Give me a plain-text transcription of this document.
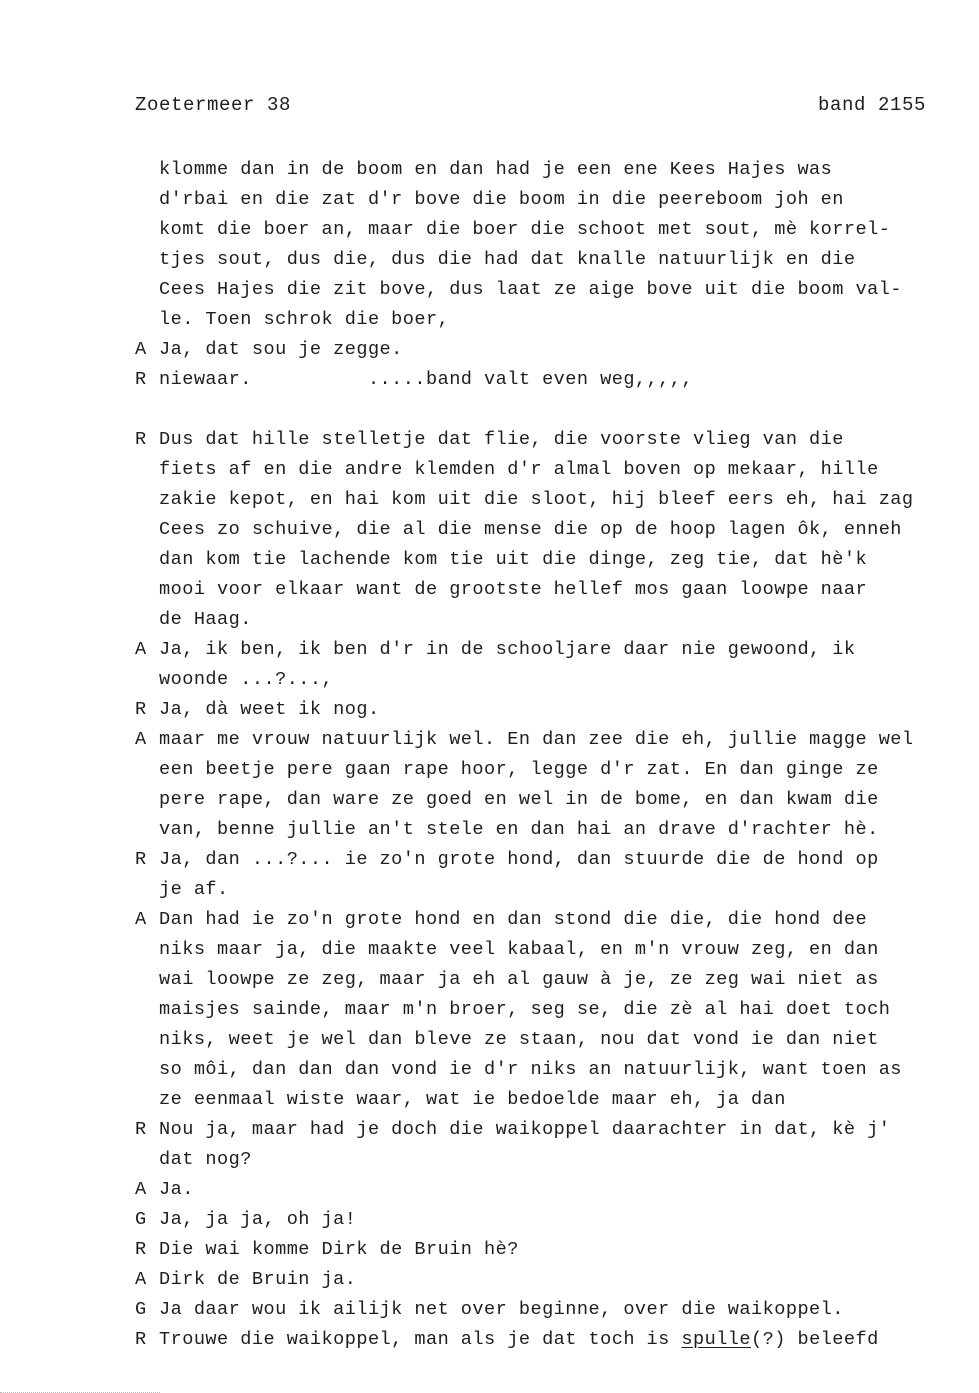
Zoetermeer 38	band 2155
klomme dan in de boom en dan had je een ene Kees Hajes was
d'rbai en die zat d'r bove die boom in die peereboom joh en
komt die boer an, maar die boer die schoot met sout, mè korrel-
tjes sout, dus die, dus die had dat knalle natuurlijk en die
Cees Hajes die zit bove, dus laat ze aige bove uit die boom val-
le. Toen schrok die boer,
A Ja, dat sou je zegge.
R niewaar.          .....band valt even weg,,,,,
R Dus dat hille stelletje dat flie, die voorste vlieg van die
fiets af en die andre klemden d'r almal boven op mekaar, hille
zakie kepot, en hai kom uit die sloot, hij bleef eers eh, hai zag
Cees zo schuive, die al die mense die op de hoop lagen ôk, enneh
dan kom tie lachende kom tie uit die dinge, zeg tie, dat hè'k
mooi voor elkaar want de grootste hellef mos gaan loowpe naar
de Haag.
A Ja, ik ben, ik ben d'r in de schooljare daar nie gewoond, ik
woonde ...?...,
R Ja, dà weet ik nog.
A maar me vrouw natuurlijk wel. En dan zee die eh, jullie magge wel
een beetje pere gaan rape hoor, legge d'r zat. En dan ginge ze
pere rape, dan ware ze goed en wel in de bome, en dan kwam die
van, benne jullie an't stele en dan hai an drave d'rachter hè.
R Ja, dan ...?... ie zo'n grote hond, dan stuurde die de hond op
je af.
A Dan had ie zo'n grote hond en dan stond die die, die hond dee
niks maar ja, die maakte veel kabaal, en m'n vrouw zeg, en dan
wai loowpe ze zeg, maar ja eh al gauw à je, ze zeg wai niet as
maisjes sainde, maar m'n broer, seg se, die zè al hai doet toch
niks, weet je wel dan bleve ze staan, nou dat vond ie dan niet
so môi, dan dan dan vond ie d'r niks an natuurlijk, want toen as
ze eenmaal wiste waar, wat ie bedoelde maar eh, ja dan
R Nou ja, maar had je doch die waikoppel daarachter in dat, kè j'
dat nog?
A Ja.
G Ja, ja ja, oh ja!
R Die wai komme Dirk de Bruin hè?
A Dirk de Bruin ja.
G Ja daar wou ik ailijk net over beginne, over die waikoppel.
R Trouwe die waikoppel, man als je dat toch is spulle(?) beleefd
